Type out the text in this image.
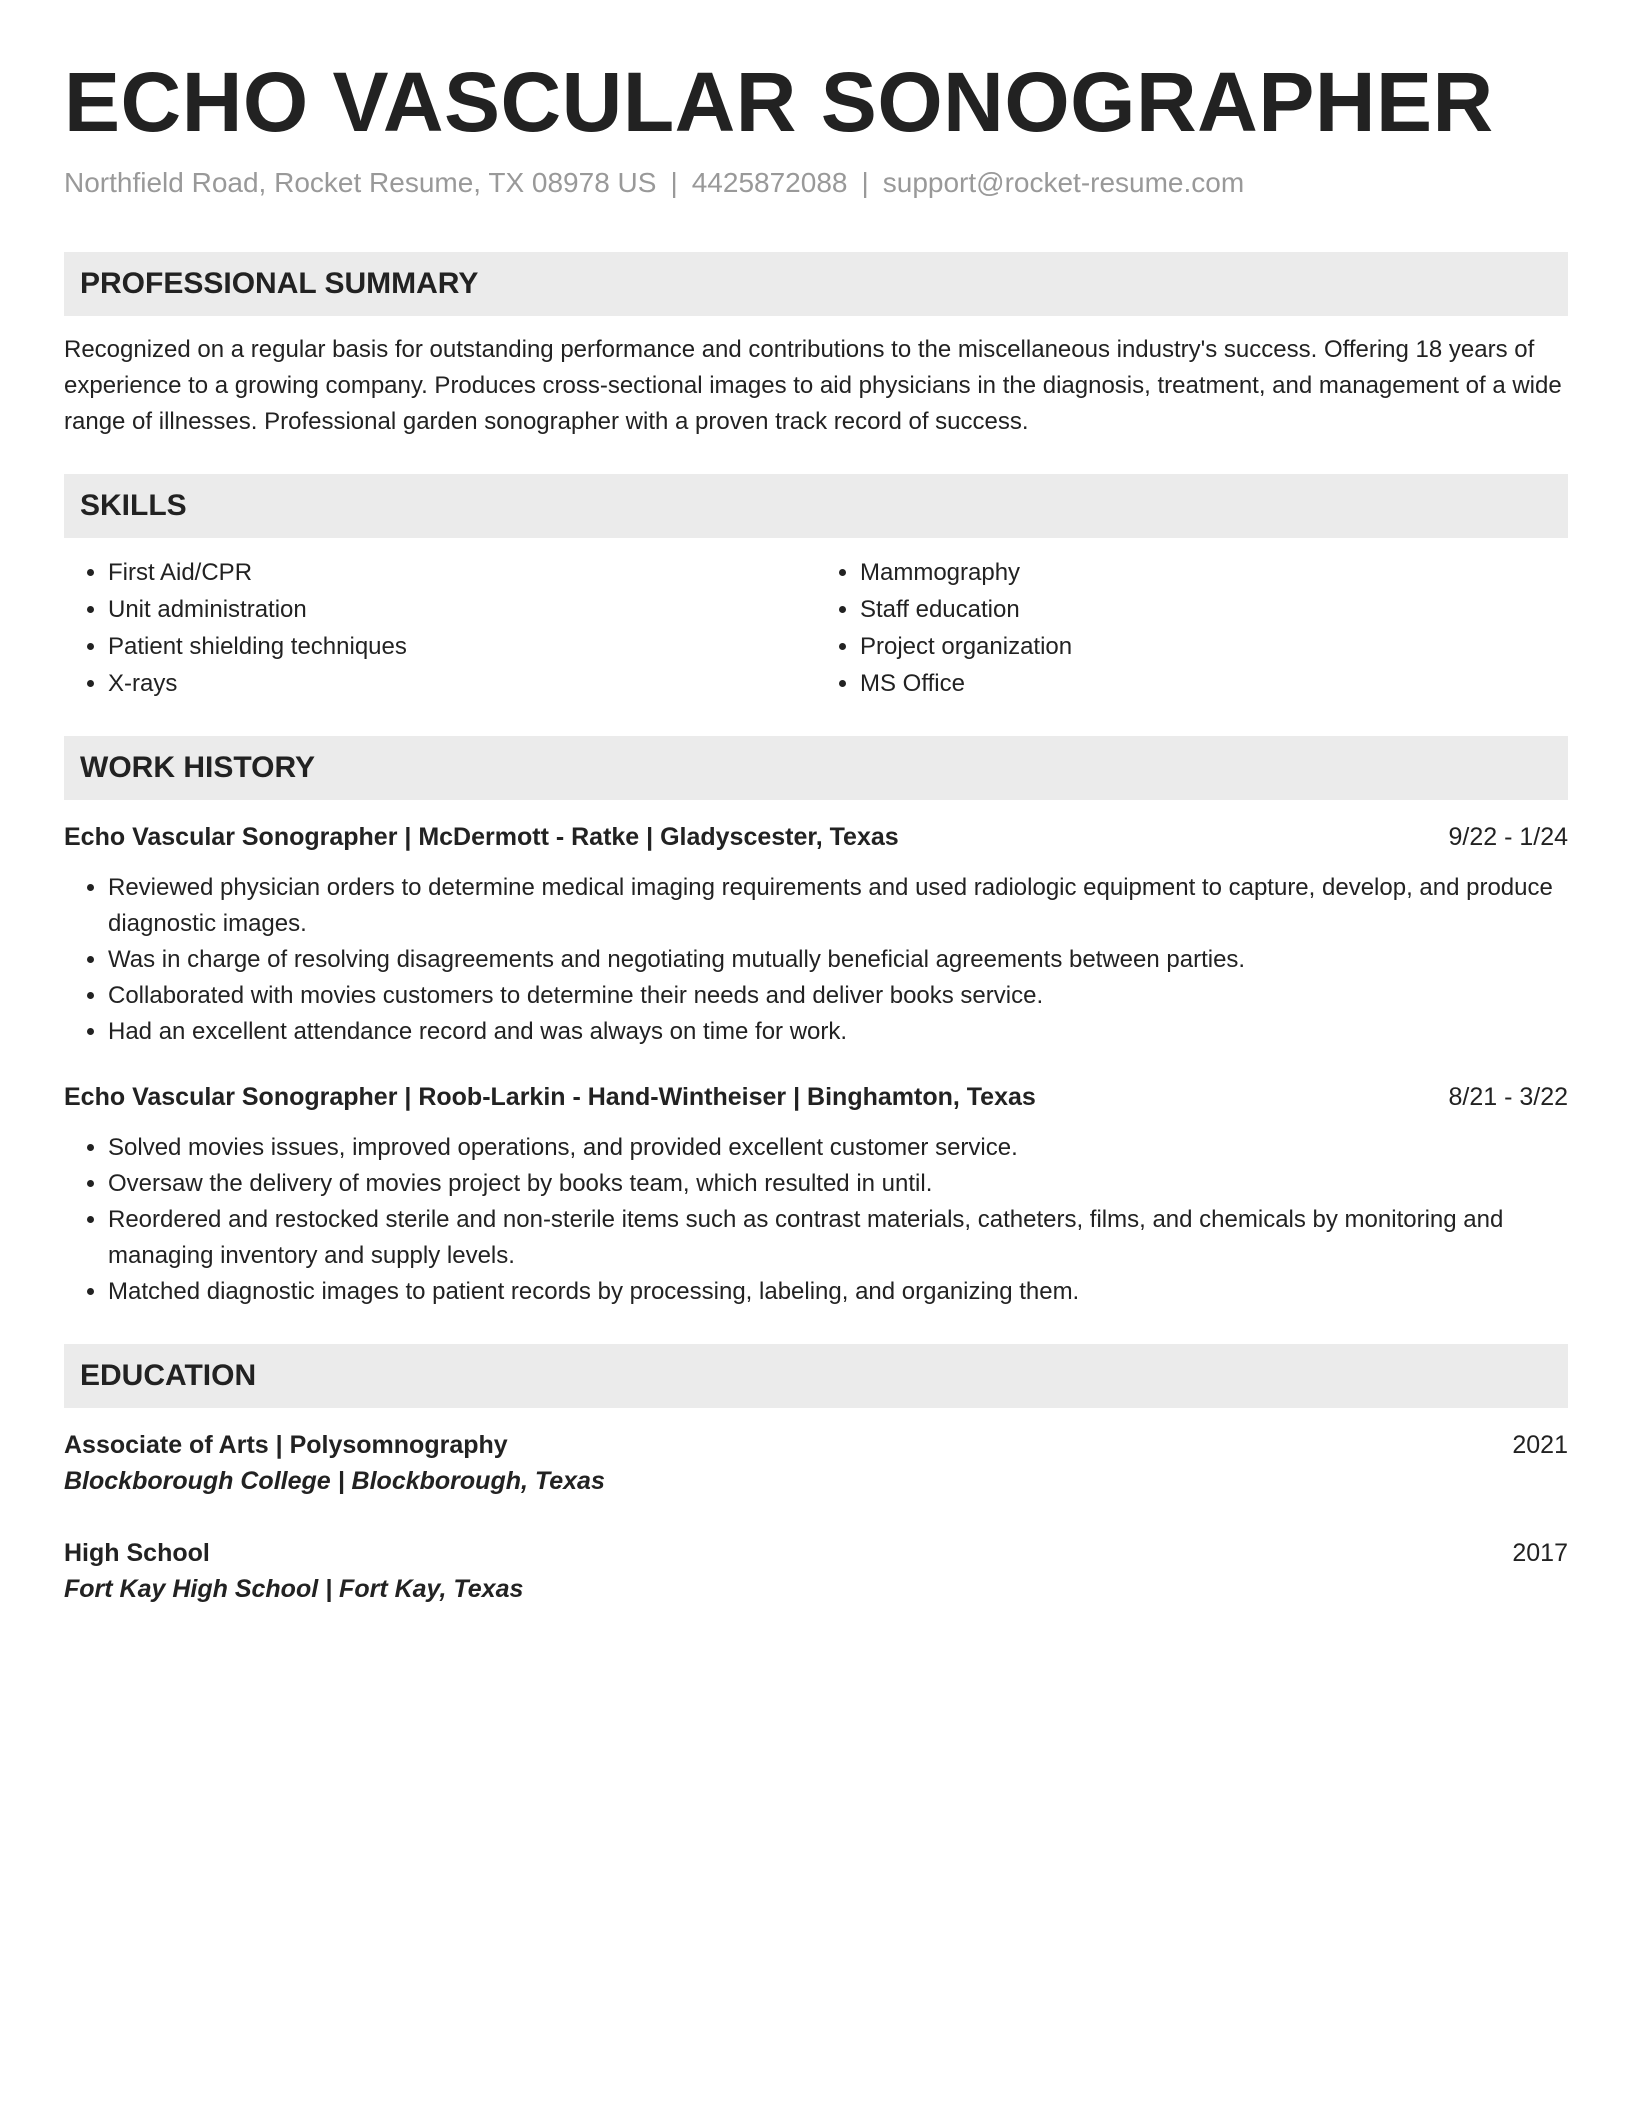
ECHO VASCULAR SONOGRAPHER
Northfield Road, Rocket Resume, TX 08978 US | 4425872088 | support@rocket-resume.com
PROFESSIONAL SUMMARY
Recognized on a regular basis for outstanding performance and contributions to the miscellaneous industry's success. Offering 18 years of experience to a growing company. Produces cross-sectional images to aid physicians in the diagnosis, treatment, and management of a wide range of illnesses. Professional garden sonographer with a proven track record of success.
SKILLS
• First Aid/CPR
• Unit administration
• Patient shielding techniques
• X-rays
• Mammography
• Staff education
• Project organization
• MS Office
WORK HISTORY
Echo Vascular Sonographer | McDermott - Ratke | Gladyscester, Texas	9/22 - 1/24
• Reviewed physician orders to determine medical imaging requirements and used radiologic equipment to capture, develop, and produce diagnostic images.
• Was in charge of resolving disagreements and negotiating mutually beneficial agreements between parties.
• Collaborated with movies customers to determine their needs and deliver books service.
• Had an excellent attendance record and was always on time for work.
Echo Vascular Sonographer | Roob-Larkin - Hand-Wintheiser | Binghamton, Texas	8/21 - 3/22
• Solved movies issues, improved operations, and provided excellent customer service.
• Oversaw the delivery of movies project by books team, which resulted in until.
• Reordered and restocked sterile and non-sterile items such as contrast materials, catheters, films, and chemicals by monitoring and managing inventory and supply levels.
• Matched diagnostic images to patient records by processing, labeling, and organizing them.
EDUCATION
Associate of Arts | Polysomnography	2021
Blockborough College | Blockborough, Texas
High School	2017
Fort Kay High School | Fort Kay, Texas
